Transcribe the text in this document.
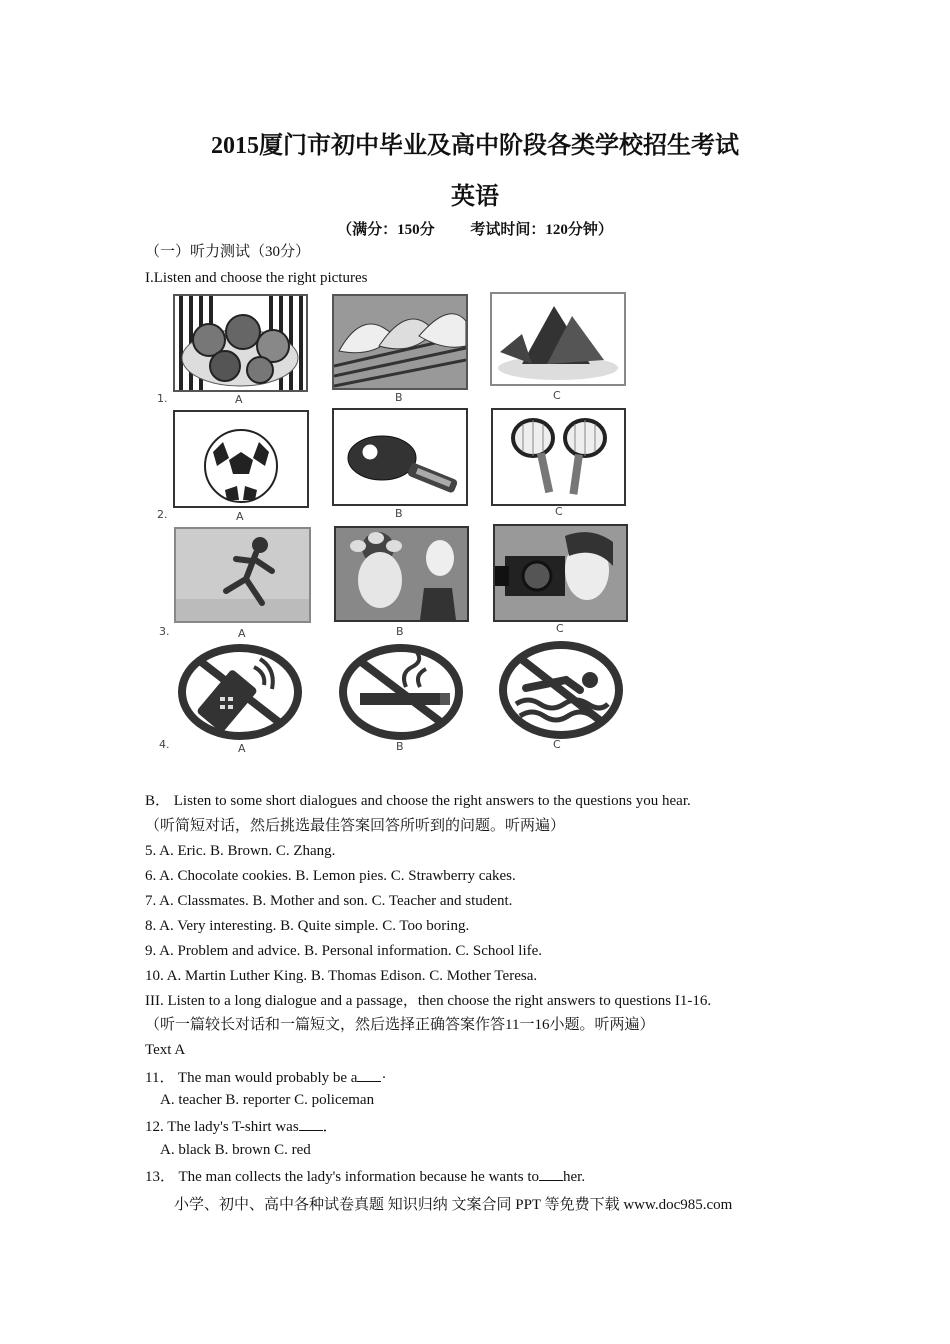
2015厦门市初中毕业及高中阶段各类学校招生考试
英语
（满分：150分 考试时间：120分钟）
（一）听力测试（30分）
I.Listen and choose the right pictures
1.	A	B	C
2.	A	B	C
3.	A	B	C
4.	A	B	C
B． Listen to some short dialogues and choose the right answers to the questions you hear.
（听简短对话，然后挑选最佳答案回答所听到的问题。听两遍）
5. A. Eric. B. Brown. C. Zhang.
6. A. Chocolate cookies. B. Lemon pies. C. Strawberry cakes.
7. A. Classmates. B. Mother and son. C. Teacher and student.
8. A. Very interesting. B. Quite simple. C. Too boring.
9. A. Problem and advice. B. Personal information. C. School life.
10. A. Martin Luther King. B. Thomas Edison. C. Mother Teresa.
III. Listen to a long dialogue and a passage，then choose the right answers to questions I1-16.
（听一篇较长对话和一篇短文，然后选择正确答案作答11一16小题。听两遍）
Text A
11． The man would probably be a ·
A. teacher B. reporter C. policeman
12. The lady's T-shirt was ．
A. black B. brown C. red
13． The man collects the lady's information because he wants to her.
小学、初中、高中各种试卷真题 知识归纳 文案合同 PPT 等免费下载 www.doc985.com
